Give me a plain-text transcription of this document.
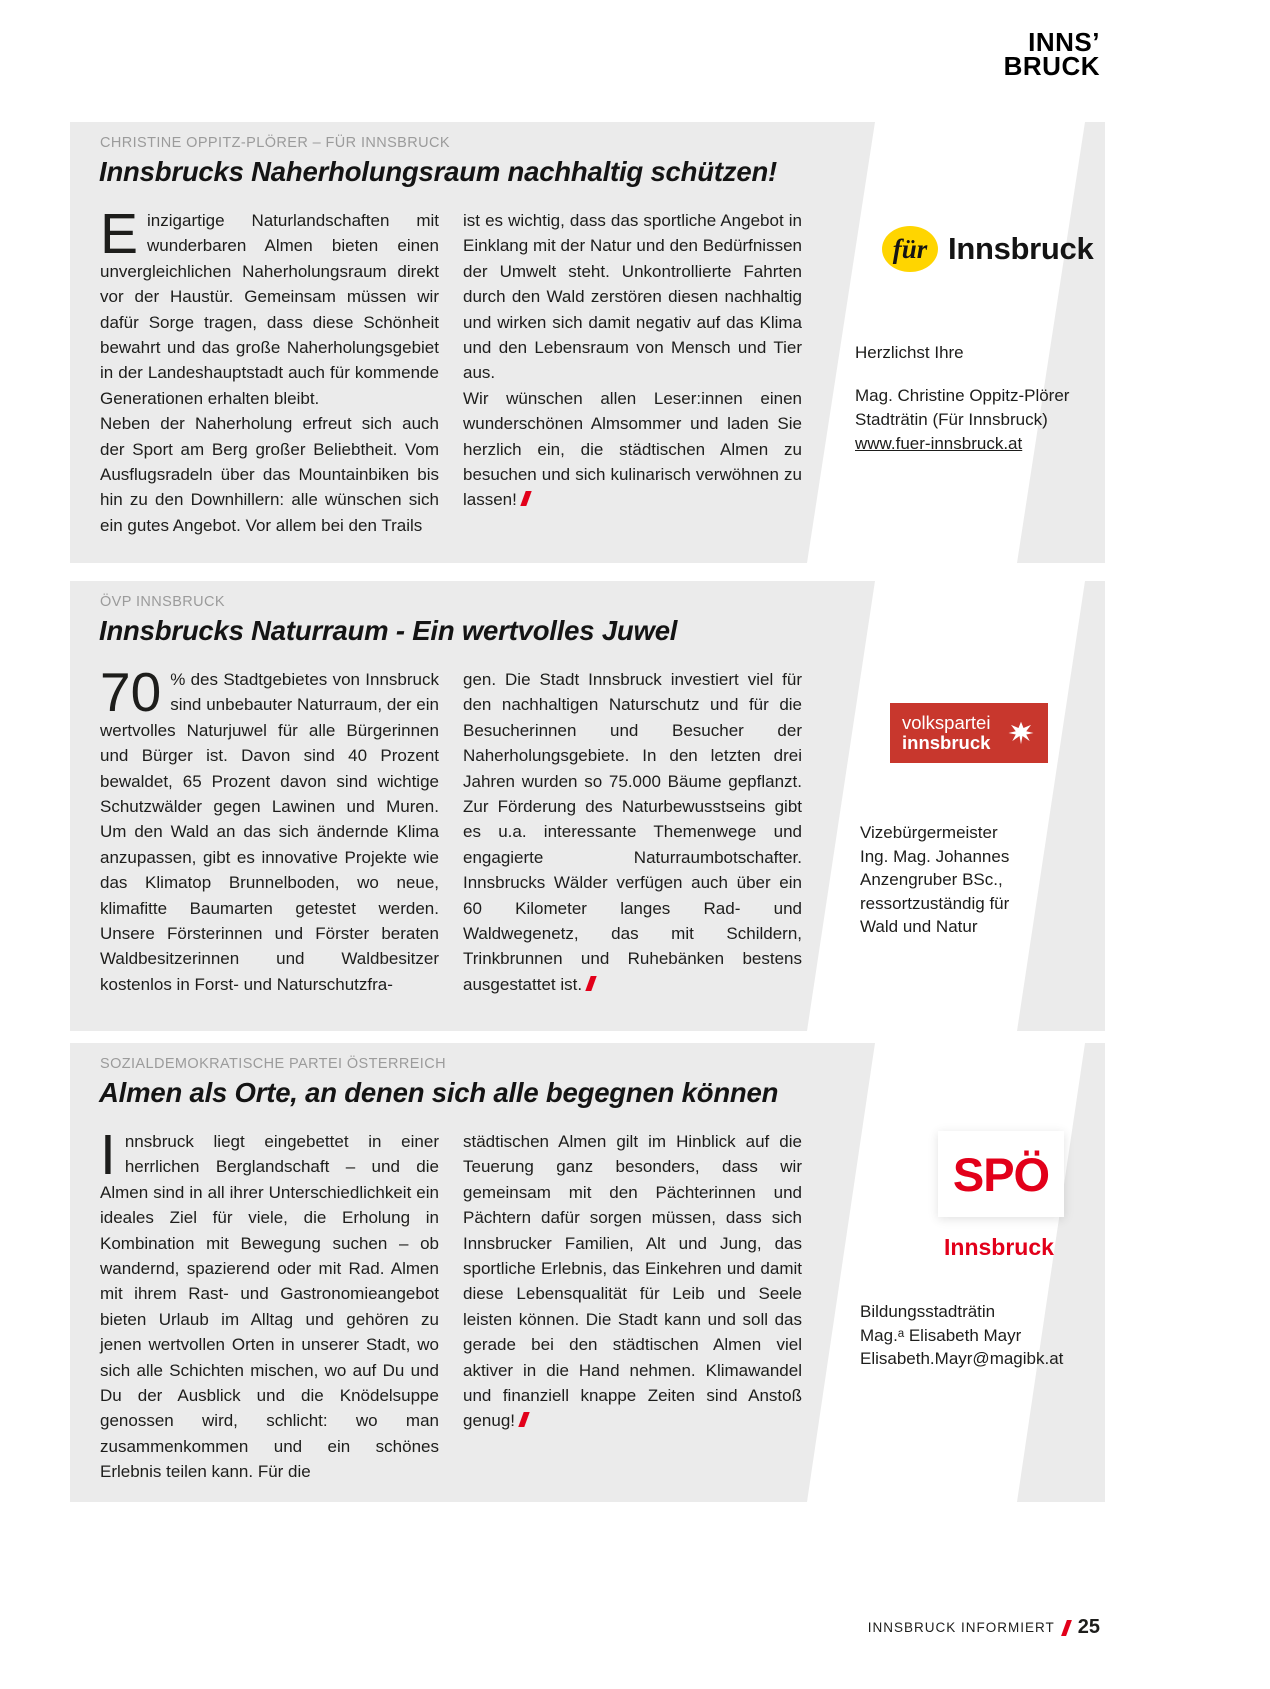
INNS’
BRUCK
CHRISTINE OPPITZ-PLÖRER – FÜR INNSBRUCK
Innsbrucks Naherholungsraum nachhaltig schützen!

Einzigartige Naturlandschaften mit wunderbaren Almen bieten einen unvergleichlichen Naherholungsraum direkt vor der Haustür. Gemeinsam müssen wir dafür Sorge tragen, dass diese Schönheit bewahrt und das große Naherholungsgebiet in der Landeshauptstadt auch für kommende Generationen erhalten bleibt.

Neben der Naherholung erfreut sich auch der Sport am Berg großer Beliebtheit. Vom Ausflugsradeln über das Mountainbiken bis hin zu den Downhillern: alle wünschen sich ein gutes Angebot. Vor allem bei den Trails

ist es wichtig, dass das sportliche Angebot in Einklang mit der Natur und den Bedürfnissen der Umwelt steht. Unkontrollierte Fahrten durch den Wald zerstören diesen nachhaltig und wirken sich damit negativ auf das Klima und den Lebensraum von Mensch und Tier aus.

Wir wünschen allen Leser:innen einen wunderschönen Almsommer und laden Sie herzlich ein, die städtischen Almen zu besuchen und sich kulinarisch verwöhnen zu lassen!

für Innsbruck
Herzlichst Ihre
Mag. Christine Oppitz-Plörer
Stadträtin (Für Innsbruck)
www.fuer-innsbruck.at
ÖVP INNSBRUCK
Innsbrucks Naturraum - Ein wertvolles Juwel

70 % des Stadtgebietes von Innsbruck sind unbebauter Naturraum, der ein wertvolles Naturjuwel für alle Bürgerinnen und Bürger ist. Davon sind 40 Prozent bewaldet, 65 Prozent davon sind wichtige Schutzwälder gegen Lawinen und Muren. Um den Wald an das sich ändernde Klima anzupassen, gibt es innovative Projekte wie das Klimatop Brunnelboden, wo neue, klimafitte Baumarten getestet werden. Unsere Försterinnen und Förster beraten Waldbesitzerinnen und Waldbesitzer kostenlos in Forst- und Naturschutzfra-

gen. Die Stadt Innsbruck investiert viel für den nachhaltigen Naturschutz und für die Besucherinnen und Besucher der Naherholungsgebiete. In den letzten drei Jahren wurden so 75.000 Bäume gepflanzt. Zur Förderung des Naturbewusstseins gibt es u.a. interessante Themenwege und engagierte Naturraumbotschafter. Innsbrucks Wälder verfügen auch über ein 60 Kilometer langes Rad- und Waldwegenetz, das mit Schildern, Trinkbrunnen und Ruhebänken bestens ausgestattet ist.

volkspartei
innsbruck
Vizebürgermeister
Ing. Mag. Johannes
Anzengruber BSc.,
ressortzuständig für
Wald und Natur
SOZIALDEMOKRATISCHE PARTEI ÖSTERREICH
Almen als Orte, an denen sich alle begegnen können

Innsbruck liegt eingebettet in einer herrlichen Berglandschaft – und die Almen sind in all ihrer Unterschiedlichkeit ein ideales Ziel für viele, die Erholung in Kombination mit Bewegung suchen – ob wandernd, spazierend oder mit Rad. Almen mit ihrem Rast- und Gastronomieangebot bieten Urlaub im Alltag und gehören zu jenen wertvollen Orten in unserer Stadt, wo sich alle Schichten mischen, wo auf Du und Du der Ausblick und die Knödelsuppe genossen wird, schlicht: wo man zusammenkommen und ein schönes Erlebnis teilen kann. Für die

städtischen Almen gilt im Hinblick auf die Teuerung ganz besonders, dass wir gemeinsam mit den Pächterinnen und Pächtern dafür sorgen müssen, dass sich Innsbrucker Familien, Alt und Jung, das sportliche Erlebnis, das Einkehren und damit diese Lebensqualität für Leib und Seele leisten können. Die Stadt kann und soll das gerade bei den städtischen Almen viel aktiver in die Hand nehmen. Klimawandel und finanziell knappe Zeiten sind Anstoß genug!

SPÖ
Innsbruck
Bildungsstadträtin
Mag.ᵃ Elisabeth Mayr
Elisabeth.Mayr@magibk.at
INNSBRUCK INFORMIERT 25
